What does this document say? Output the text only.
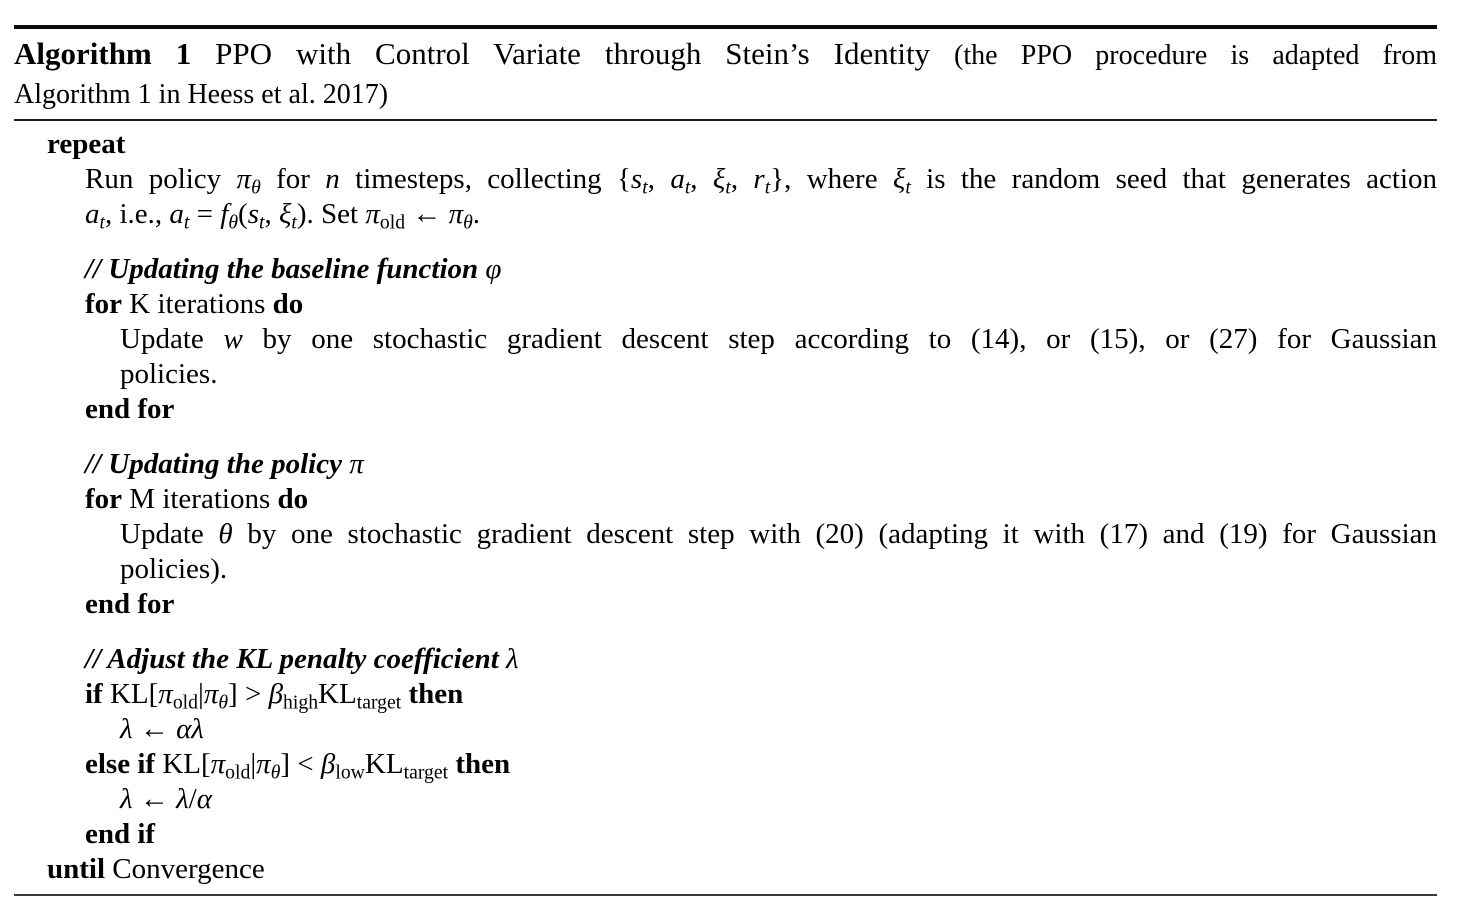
Algorithm 1 PPO with Control Variate through Stein’s Identity (the PPO procedure is adapted from
Algorithm 1 in Heess et al. 2017)
repeat
Run policy $\pi_\theta$ for n timesteps, collecting {$s_t$, $a_t$, $\xi_t$, $r_t$}, where $\xi_t$ is the random seed that generates action
$a_t$, i.e., $a_t = f_\theta(s_t$, $\xi_t$). Set $\pi_{old}$ ← $\pi_\theta$.
// Updating the baseline function φ
for K iterations do
Update w by one stochastic gradient descent step according to (14), or (15), or (27) for Gaussian
policies.
end for
// Updating the policy π
for M iterations do
Update θ by one stochastic gradient descent step with (20) (adapting it with (17) and (19) for Gaussian
policies).
end for
// Adjust the KL penalty coefficient λ
if $KL[\pi_{old}|\pi_\theta] > \beta_{high}KL_{target}$ then
λ ← αλ
else if $KL[\pi_{old}|\pi_\theta] < \beta_{low}KL_{target}$ then
λ ← λ/α
end if
until Convergence
